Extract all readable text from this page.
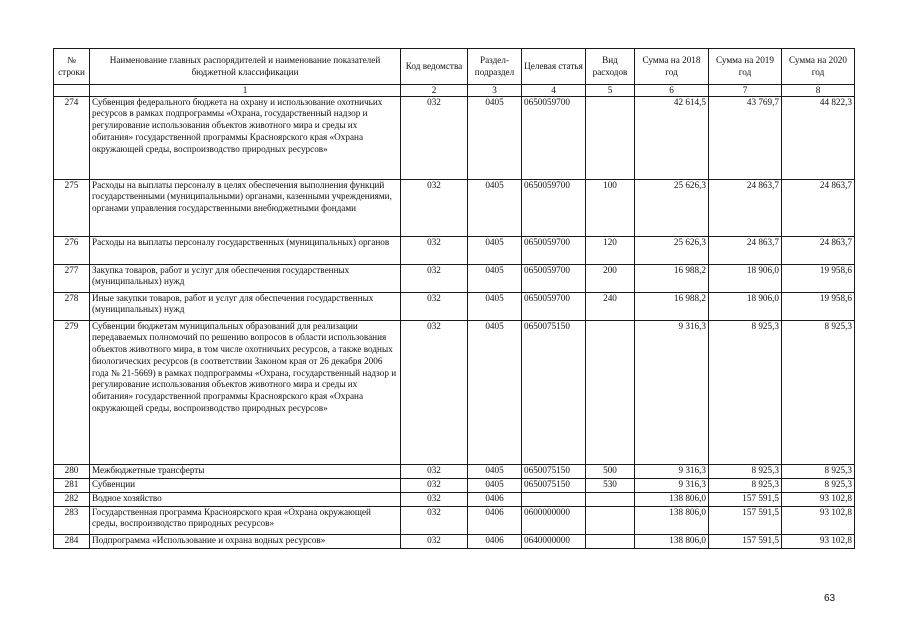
№ строки	Наименование главных распорядителей и наименование показателей бюджетной классификации	Код ведомства	Раздел-подраздел	Целевая статья	Вид расходов	Сумма на 2018 год	Сумма на 2019 год	Сумма на 2020 год
	1	2	3	4	5	6	7	8
274	Субвенция федерального бюджета на охрану и использование охотничьих ресурсов в рамках подпрограммы «Охрана, государственный надзор и регулирование использования объектов животного мира и среды их обитания» государственной программы Красноярского края «Охрана окружающей среды, воспроизводство природных ресурсов»	032	0405	0650059700		42 614,5	43 769,7	44 822,3
275	Расходы на выплаты персоналу в целях обеспечения выполнения функций государственными (муниципальными) органами, казенными учреждениями, органами управления государственными внебюджетными фондами	032	0405	0650059700	100	25 626,3	24 863,7	24 863,7
276	Расходы на выплаты персоналу государственных (муниципальных) органов	032	0405	0650059700	120	25 626,3	24 863,7	24 863,7
277	Закупка товаров, работ и услуг для обеспечения государственных (муниципальных) нужд	032	0405	0650059700	200	16 988,2	18 906,0	19 958,6
278	Иные закупки товаров, работ и услуг для обеспечения государственных (муниципальных) нужд	032	0405	0650059700	240	16 988,2	18 906,0	19 958,6
279	Субвенции бюджетам муниципальных образований для реализации передаваемых полномочий по решению вопросов в области использования объектов животного мира, в том числе охотничьих ресурсов, а также водных биологических ресурсов (в соответствии Законом края от 26 декабря 2006 года № 21-5669) в рамках подпрограммы «Охрана, государственный надзор и регулирование использования объектов животного мира и среды их обитания» государственной программы Красноярского края «Охрана окружающей среды, воспроизводство природных ресурсов»	032	0405	0650075150		9 316,3	8 925,3	8 925,3
280	Межбюджетные трансферты	032	0405	0650075150	500	9 316,3	8 925,3	8 925,3
281	Субвенции	032	0405	0650075150	530	9 316,3	8 925,3	8 925,3
282	Водное хозяйство	032	0406			138 806,0	157 591,5	93 102,8
283	Государственная программа Красноярского края «Охрана окружающей среды, воспроизводство природных ресурсов»	032	0406	0600000000		138 806,0	157 591,5	93 102,8
284	Подпрограмма «Использование и охрана водных ресурсов»	032	0406	0640000000		138 806,0	157 591,5	93 102,8
63
